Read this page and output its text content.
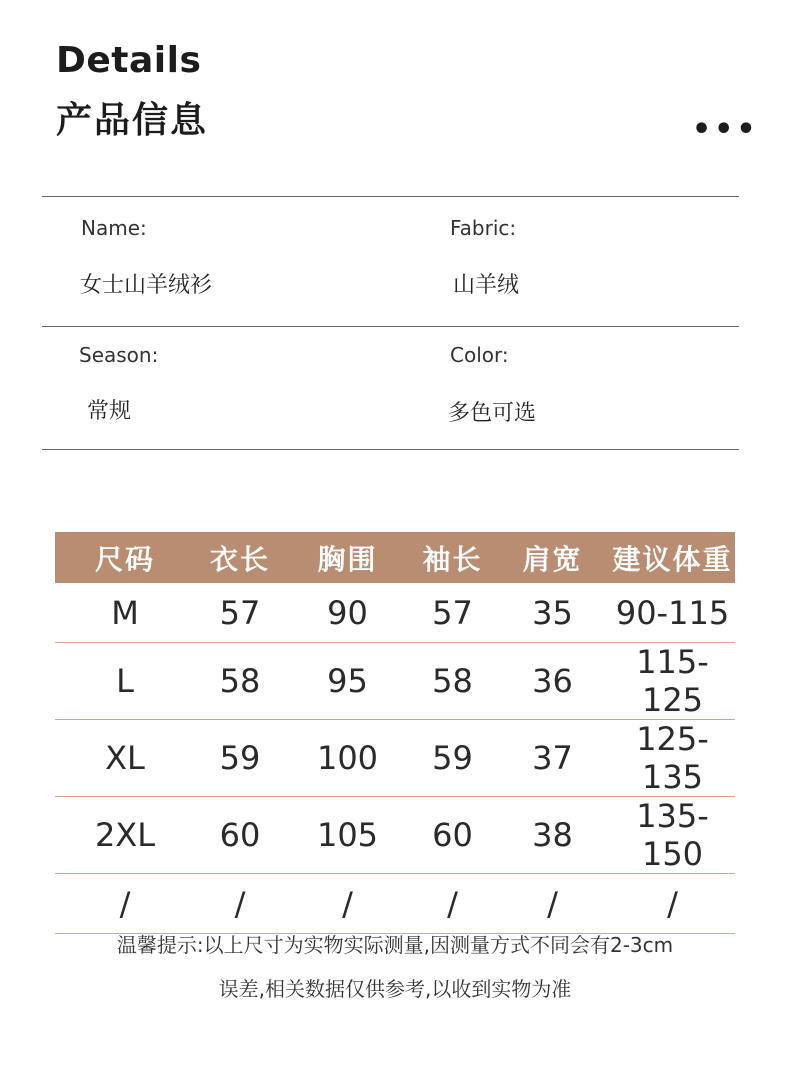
Details
产品信息	•••
Name:
女士山羊绒衫
Fabric:
山羊绒
Season:
常规
Color:
多色可选
尺码	衣长	胸围	袖长	肩宽	建议体重
M	57	90	57	35	90-115
L	58	95	58	36	115-125
XL	59	100	59	37	125-135
2XL	60	105	60	38	135-150
/	/	/	/	/	/
温馨提示:以上尺寸为实物实际测量,因测量方式不同会有2-3cm
误差,相关数据仅供参考,以收到实物为准
